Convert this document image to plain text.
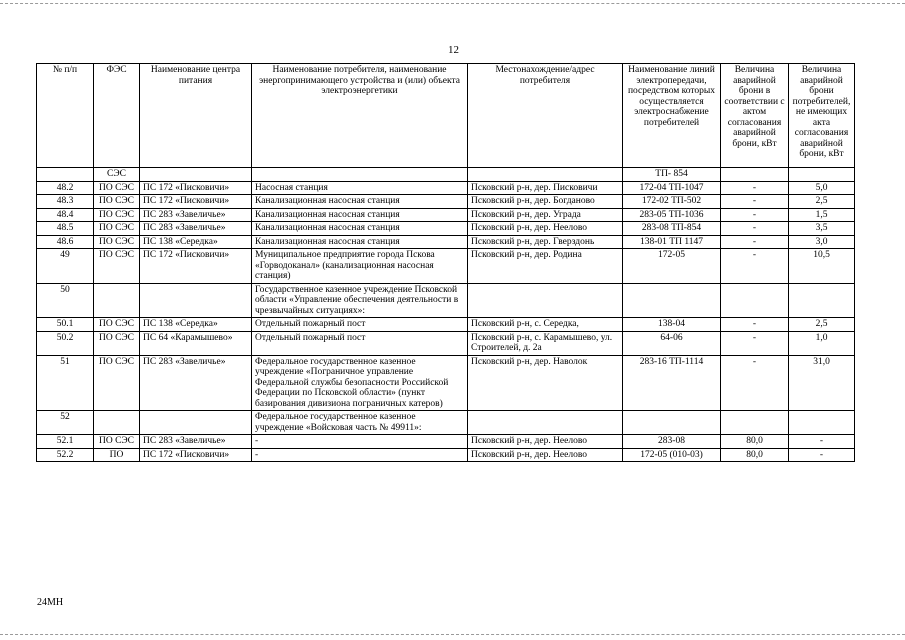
12
№ п/п	ФЭС	Наименование центра питания	Наименование потребителя, наименование энергопринимающего устройства и (или) объекта электроэнергетики	Местонахождение/адрес потребителя	Наименование линий электропередачи, посредством которых осуществляется электроснабжение потребителей	Величина аварийной брони в соответствии с актом согласования аварийной брони, кВт	Величина аварийной брони потребителей, не имеющих акта согласования аварийной брони, кВт
	СЭС				ТП- 854		
48.2	ПО СЭС	ПС 172 «Писковичи»	Насосная станция	Псковский р-н, дер. Писковичи	172-04 ТП-1047	-	5,0
48.3	ПО СЭС	ПС 172 «Писковичи»	Канализационная насосная станция	Псковский р-н, дер. Богданово	172-02 ТП-502	-	2,5
48.4	ПО СЭС	ПС 283 «Завеличье»	Канализационная насосная станция	Псковский р-н, дер. Уграда	283-05 ТП-1036	-	1,5
48.5	ПО СЭС	ПС 283 «Завеличье»	Канализационная насосная станция	Псковский р-н, дер. Неелово	283-08 ТП-854	-	3,5
48.6	ПО СЭС	ПС 138 «Середка»	Канализационная насосная станция	Псковский р-н, дер. Гверздонь	138-01 ТП 1147	-	3,0
49	ПО СЭС	ПС 172 «Писковичи»	Муниципальное предприятие города Пскова «Горводоканал» (канализационная насосная станция)	Псковский р-н, дер. Родина	172-05	-	10,5
50			Государственное казенное учреждение Псковской области «Управление обеспечения деятельности в чрезвычайных ситуациях»:				
50.1	ПО СЭС	ПС 138 «Середка»	Отдельный пожарный пост	Псковский р-н, с. Середка,	138-04	-	2,5
50.2	ПО СЭС	ПС 64 «Карамышево»	Отдельный пожарный пост	Псковский р-н, с. Карамышево, ул. Строителей, д. 2а	64-06	-	1,0
51	ПО СЭС	ПС 283 «Завеличье»	Федеральное государственное казенное учреждение «Пограничное управление Федеральной службы безопасности Российской Федерации по Псковской области» (пункт базирования дивизиона пограничных катеров)	Псковский р-н, дер. Наволок	283-16 ТП-1114	-	31,0
52			Федеральное государственное казенное учреждение «Войсковая часть № 49911»:				
52.1	ПО СЭС	ПС 283 «Завеличье»	-	Псковский р-н, дер. Неелово	283-08	80,0	-
52.2	ПО	ПС 172 «Писковичи»	-	Псковский р-н, дер. Неелово	172-05 (010-03)	80,0	-
24МН
